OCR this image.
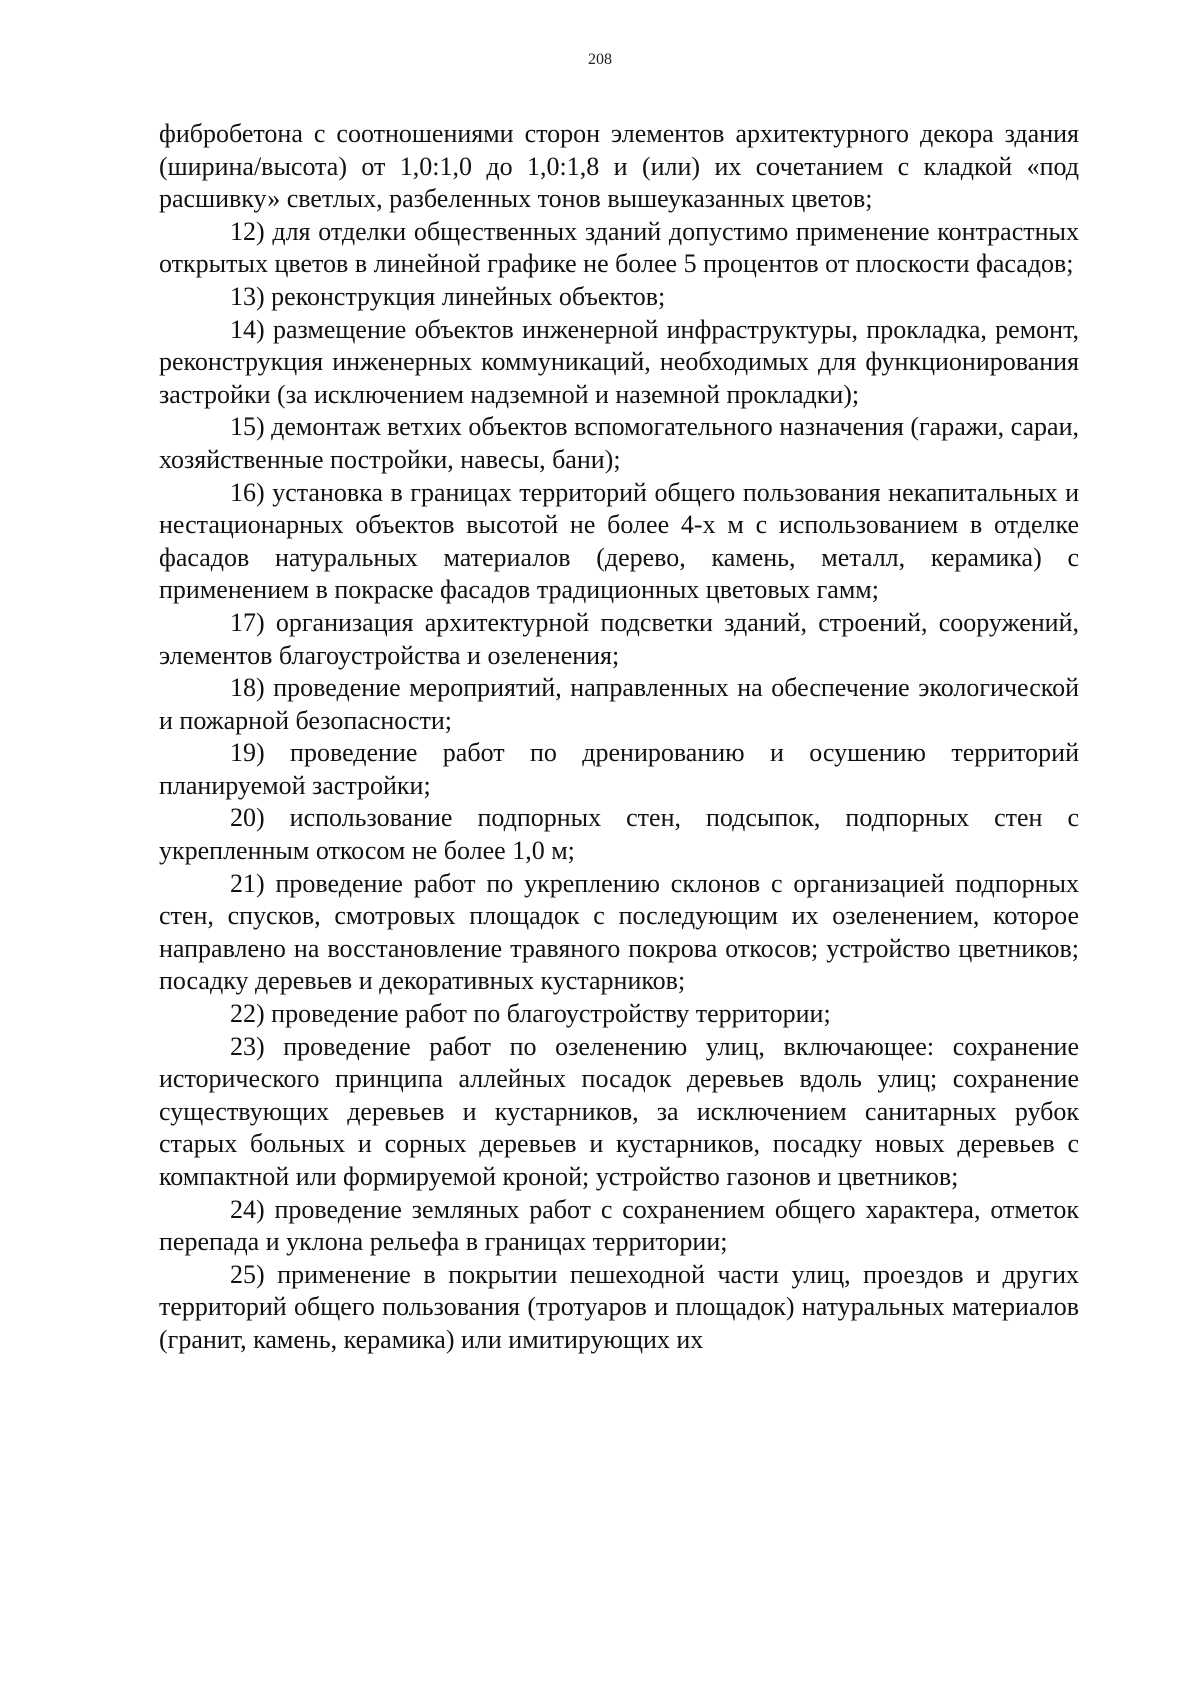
208

фибробетона с соотношениями сторон элементов архитектурного декора здания (ширина/высота) от 1,0:1,0 до 1,0:1,8 и (или) их сочетанием с кладкой «под расшивку» светлых, разбеленных тонов вышеуказанных цветов;

12) для отделки общественных зданий допустимо применение контрастных открытых цветов в линейной графике не более 5 процентов от плоскости фасадов;

13) реконструкция линейных объектов;

14) размещение объектов инженерной инфраструктуры, прокладка, ремонт, реконструкция инженерных коммуникаций, необходимых для функционирования застройки (за исключением надземной и наземной прокладки);

15) демонтаж ветхих объектов вспомогательного назначения (гаражи, сараи, хозяйственные постройки, навесы, бани);

16) установка в границах территорий общего пользования некапитальных и нестационарных объектов высотой не более 4-х м с использованием в отделке фасадов натуральных материалов (дерево, камень, металл, керамика) с применением в покраске фасадов традиционных цветовых гамм;

17) организация архитектурной подсветки зданий, строений, сооружений, элементов благоустройства и озеленения;

18) проведение мероприятий, направленных на обеспечение экологической и пожарной безопасности;

19) проведение работ по дренированию и осушению территорий планируемой застройки;

20) использование подпорных стен, подсыпок, подпорных стен с укрепленным откосом не более 1,0 м;

21) проведение работ по укреплению склонов с организацией подпорных стен, спусков, смотровых площадок с последующим их озеленением, которое направлено на восстановление травяного покрова откосов; устройство цветников; посадку деревьев и декоративных кустарников;

22) проведение работ по благоустройству территории;

23) проведение работ по озеленению улиц, включающее: сохранение исторического принципа аллейных посадок деревьев вдоль улиц; сохранение существующих деревьев и кустарников, за исключением санитарных рубок старых больных и сорных деревьев и кустарников, посадку новых деревьев с компактной или формируемой кроной; устройство газонов и цветников;

24) проведение земляных работ с сохранением общего характера, отметок перепада и уклона рельефа в границах территории;

25) применение в покрытии пешеходной части улиц, проездов и других территорий общего пользования (тротуаров и площадок) натуральных материалов (гранит, камень, керамика) или имитирующих их
